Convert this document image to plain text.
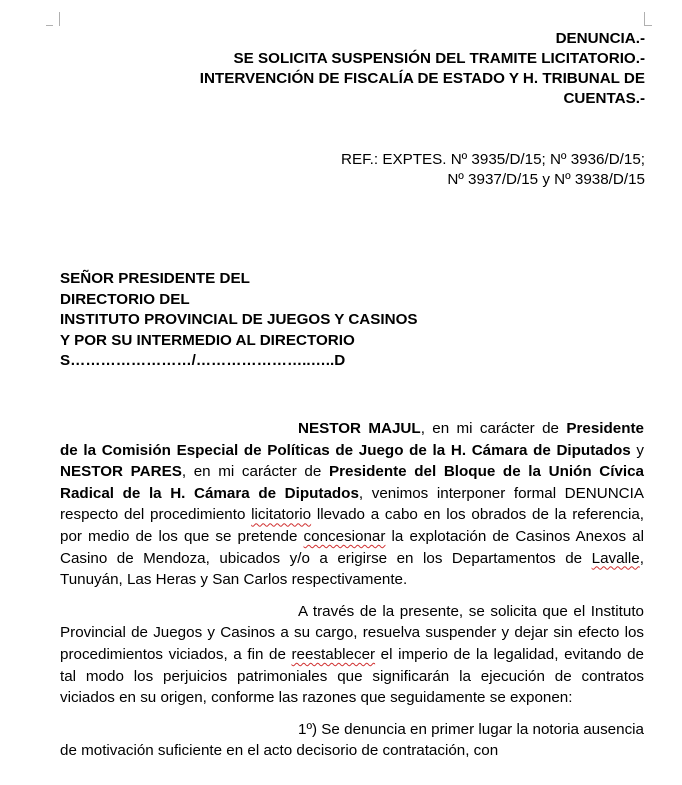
DENUNCIA.-
SE SOLICITA SUSPENSIÓN DEL TRAMITE LICITATORIO.-
INTERVENCIÓN DE FISCALÍA DE ESTADO Y H. TRIBUNAL DE
CUENTAS.-
REF.: EXPTES. Nº 3935/D/15; Nº 3936/D/15;
Nº 3937/D/15 y Nº 3938/D/15
SEÑOR PRESIDENTE DEL
DIRECTORIO DEL
INSTITUTO PROVINCIAL DE JUEGOS Y CASINOS
Y POR SU INTERMEDIO AL DIRECTORIO
S……………………/…………………..…..D

NESTOR MAJUL, en mi carácter de Presidente de la Comisión Especial de Políticas de Juego de la H. Cámara de Diputados y NESTOR PARES, en mi carácter de Presidente del Bloque de la Unión Cívica Radical de la H. Cámara de Diputados, venimos interponer formal DENUNCIA respecto del procedimiento licitatorio llevado a cabo en los obrados de la referencia, por medio de los que se pretende concesionar la explotación de Casinos Anexos al Casino de Mendoza, ubicados y/o a erigirse en los Departamentos de Lavalle, Tunuyán, Las Heras y San Carlos respectivamente.

A través de la presente, se solicita que el Instituto Provincial de Juegos y Casinos a su cargo, resuelva suspender y dejar sin efecto los procedimientos viciados, a fin de reestablecer el imperio de la legalidad, evitando de tal modo los perjuicios patrimoniales que significarán la ejecución de contratos viciados en su origen, conforme las razones que seguidamente se exponen:

1º) Se denuncia en primer lugar la notoria ausencia de motivación suficiente en el acto decisorio de contratación, con
